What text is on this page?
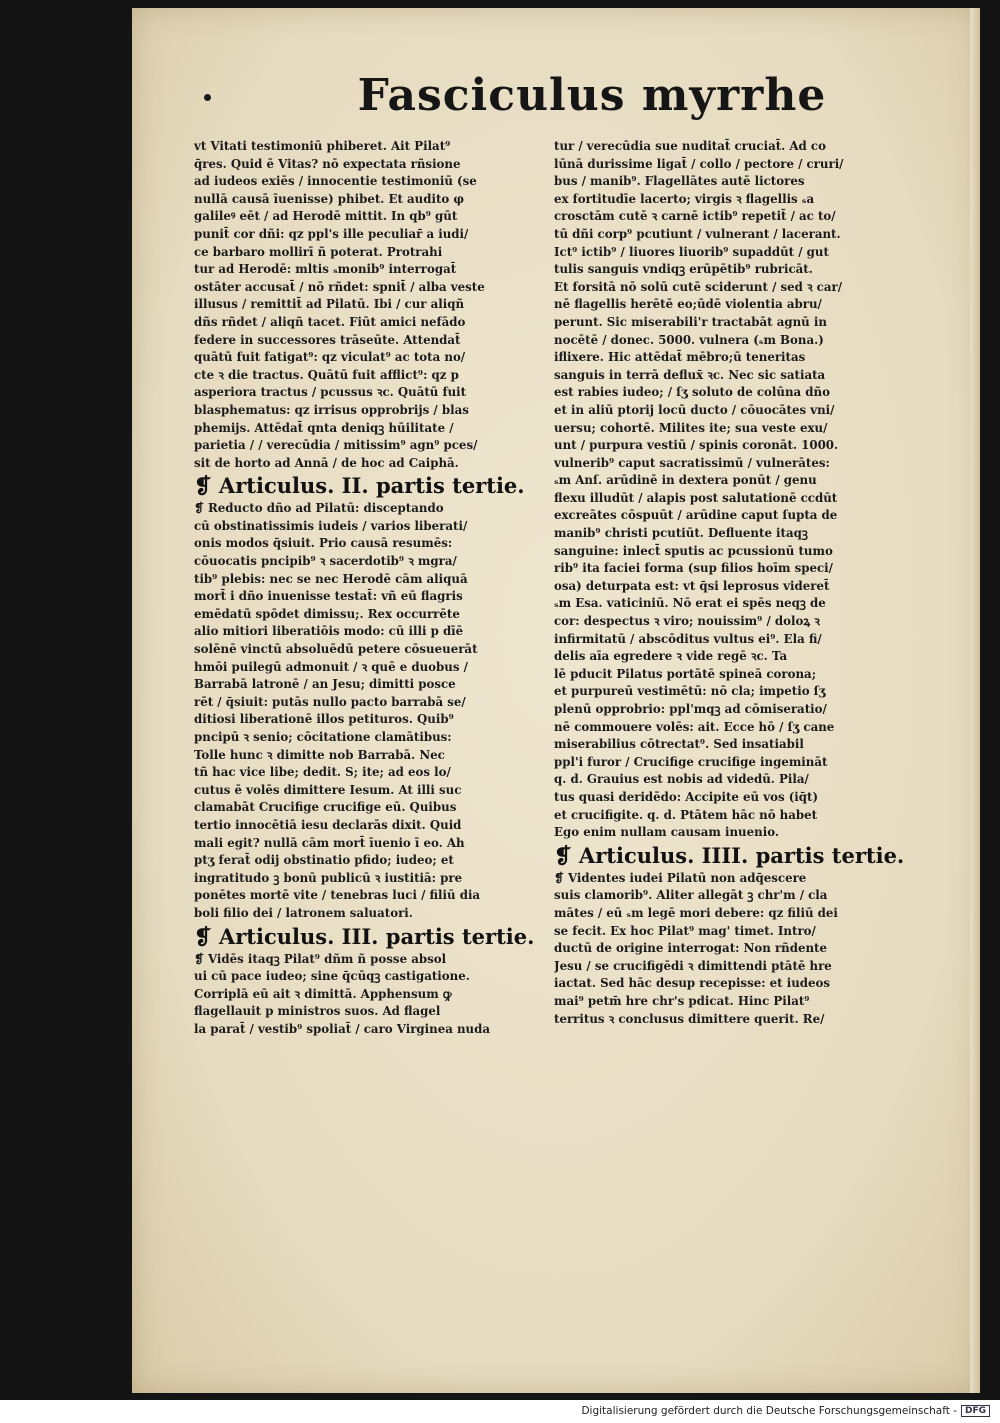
Fasciculus myrrhe
vt Vitati testimoniū phiberet. Ait Pilat⁹
q̄res. Quid ē Vitas? nō expectata rñsione
ad iudeos exiēs / innocentie testimoniū (se
nullā causā īuenisse) phibet. Et audito φ
galileꝰ eēt / ad Herodē mittit. In qb⁹ gūt
punit̄ cor dñi: qz ppl's ille peculiar̄ a iudi/
ce barbaro mollirī ñ poterat. Protrahi
tur ad Herodē: mltis ₛmonib⁹ interrogat̄
ostāter accusat̄ / nō rñdet: spnit̄ / alba veste
illusus / remittit̄ ad Pilatū. Ibi / cur aliqñ
dñs rñdet / aliqñ tacet. Fiūt amici nefādo
federe in successores trāseūte. Attendat̄
quātū fuit fatigat⁹: qz viculat⁹ ac tota no/
cte ꝛ die tractus. Quātū fuit afflict⁹: qz p
asperiora tractus / pcussus ꝛc. Quātū fuit
blasphematus: qz irrisus opprobrijs / blas
phemijs. Attēdat̄ qnta deniqꝫ hūilitate /
parietia / / verecūdia / mitissim⁹ agn⁹ pces/
sit de horto ad Annā / de hoc ad Caiphā.
❡ Articulus. II. partis tertie.
❡ Reducto dño ad Pilatū: disceptando
cū obstinatissimis iudeis / varios liberati/
onis modos q̄siuit. Prio causā resumēs:
cōuocatis pncipib⁹ ꝛ sacerdotib⁹ ꝛ mgra/
tib⁹ plebis: nec se nec Herodē cām aliquā
mort̄ i dño inuenisse testat̄: vñ eū flagris
emēdatū spōdet dimissu;. Rex occurrēte
alio mitiori liberatiōis modo: cū illi p dīē
solēnē vinctū absoluēdū petere cōsueuerāt
hmōi puilegū admonuit / ꝛ quē e duobus /
Barrabā latronē / an Jesu; dimitti posce
rēt / q̄siuit: putās nullo pacto barrabā se/
ditiosi liberationē illos petituros. Quib⁹
pncipū ꝛ senio; cōcitatione clamātibus:
Tolle hunc ꝛ dimitte nob Barrabā. Nec
tñ hac vice libe; dedit. S; ite; ad eos lo/
cutus ē volēs dimittere Iesum. At illi suc
clamabāt Crucifige crucifige eū. Quibus
tertio innocētiā iesu declarās dixit. Quid
mali egit? nullā cām mort̄ īuenio ī eo. Ah
ptʒ ferat̄ odij obstinatio pfido; iudeo; et
ingratitudo ꝫ bonū publicū ꝛ iustitiā: pre
ponētes mortē vite / tenebras luci / filiū dia
boli filio dei / latronem saluatori.
❡ Articulus. III. partis tertie.
❡ Vidēs itaqꝫ Pilat⁹ dñm ñ posse absol
ui cū pace iudeo; sine q̄cūqꝫ castigatione.
Corriplā eū ait ꝛ dimittā. Apphensum ꝙ
flagellauit p ministros suos. Ad flagel
la parat̄ / vestib⁹ spoliat̄ / caro Virginea nuda
tur / verecūdia sue nuditat̄ cruciat̄. Ad co
lūnā durissime ligat̄ / collo / pectore / cruri/
bus / manib⁹. Flagellātes autē lictores
ex fortitudīe lacerto; virgis ꝛ flagellis ₛa
crosctām cutē ꝛ carnē ictib⁹ repetit̄ / ac to/
tū dñi corp⁹ pcutiunt / vulnerant / lacerant.
Ict⁹ ictib⁹ / liuores liuorib⁹ supaddūt / gut
tulis sanguis vndiqꝫ erūpētib⁹ rubricāt.
Et forsitā nō solū cutē sciderunt / sed ꝛ car/
nē flagellis herētē eo;ūdē violentia abru/
perunt. Sic miserabili'r tractabāt agnū in
nocētē / donec. 5000. vulnera (ₛm Bona.)
iflixere. Hic attēdat̄ mēbro;ū teneritas
sanguis in terrā deflux̄ ꝛc. Nec sic satiata
est rabies iudeo; / ſʒ soluto de colūna dño
et in aliū ptorij locū ducto / cōuocātes vni/
uersu; cohortē. Milites ite; sua veste exu/
unt / purpura vestiū / spinis coronāt. 1000.
vulnerib⁹ caput sacratissimū / vulnerātes:
ₛm Anſ. arūdinē in dextera ponūt / genu
flexu illudūt / alapis post salutationē ccdūt
excreātes cōspuūt / arūdine caput ſupta de
manib⁹ christi pcutiūt. Defluente itaqꝫ
sanguine: inlect̄ sputis ac pcussionū tumo
rib⁹ ita faciei forma (sup filios hoīm speci/
osa) deturpata est: vt q̄si leprosus videret̄
ₛm Esa. vaticiniū. Nō erat ei spēs neqꝫ de
cor: despectus ꝛ viro; nouissim⁹ / doloꝝ ꝛ
infirmitatū / abscōditus vultus ei⁹. Ela fi/
delis aīa egredere ꝛ vide regē ꝛc. Ta
lē pducit Pilatus portātē spineā corona;
et purpureū vestimētū: nō cla; impetio ſʒ
plenū opprobrio: ppl'mqꝫ ad cōmiseratio/
nē commouere volēs: ait. Ecce hō / ſʒ cane
miserabilius cōtrectat⁹. Sed insatiabil
ppl'i furor / Crucifige crucifige ingemināt
q. d. Grauius est nobis ad videdū. Pila/
tus quasi deridēdo: Accipite eū vos (iq̄t)
et crucifigite. q. d. Ptātem hāc nō habet
Ego enim nullam causam inuenio.
❡ Articulus. IIII. partis tertie.
❡ Videntes iudei Pilatū non adq̄escere
suis clamorib⁹. Aliter allegāt ꝫ chr'm / cla
mātes / eū ₛm legē mori debere: qz filiū dei
se fecit. Ex hoc Pilat⁹ mag' timet. Intro/
ductū de origine interrogat: Non rñdente
Jesu / se crucifigēdi ꝛ dimittendi ptātē hre
iactat. Sed hāc desup recepisse: et iudeos
mai⁹ petm̄ hre chr's pdicat. Hinc Pilat⁹
territus ꝛ conclusus dimittere querit. Re/
Digitalisierung gefördert durch die Deutsche Forschungsgemeinschaft - DFG
